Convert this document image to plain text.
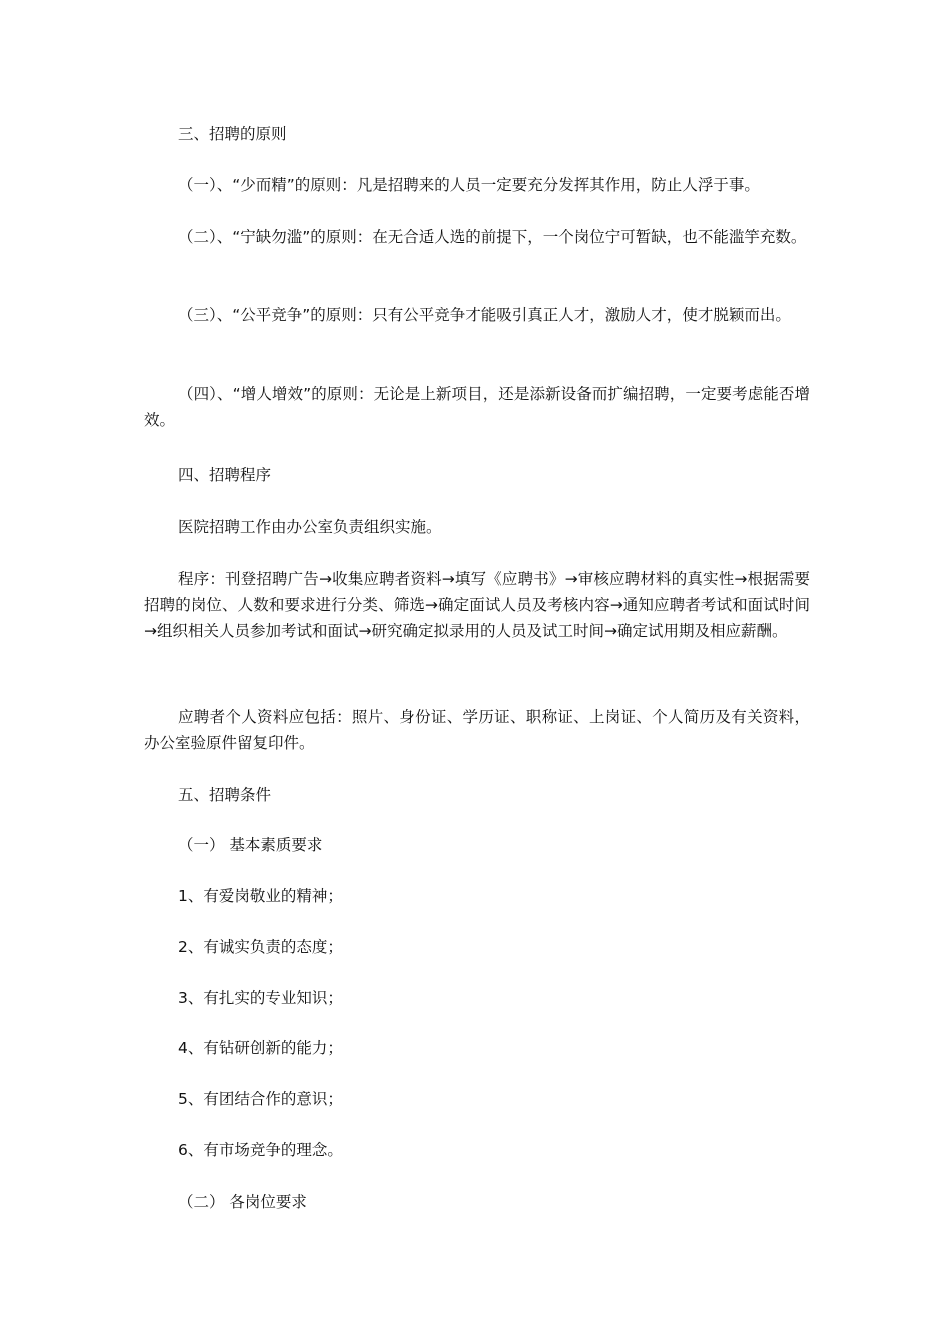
三、招聘的原则

（一）、“少而精”的原则：凡是招聘来的人员一定要充分发挥其作用，防止人浮于事。

（二）、“宁缺勿滥”的原则：在无合适人选的前提下，一个岗位宁可暂缺，也不能滥竽充数。

（三）、“公平竞争”的原则：只有公平竞争才能吸引真正人才，激励人才，使才脱颖而出。

（四）、“增人增效”的原则：无论是上新项目，还是添新设备而扩编招聘，一定要考虑能否增效。

四、招聘程序
医院招聘工作由办公室负责组织实施。

程序：刊登招聘广告→收集应聘者资料→填写《应聘书》→审核应聘材料的真实性→根据需要招聘的岗位、人数和要求进行分类、筛选→确定面试人员及考核内容→通知应聘者考试和面试时间→组织相关人员参加考试和面试→研究确定拟录用的人员及试工时间→确定试用期及相应薪酬。

应聘者个人资料应包括：照片、身份证、学历证、职称证、上岗证、个人简历及有关资料，办公室验原件留复印件。

五、招聘条件
（一） 基本素质要求
1、有爱岗敬业的精神；
2、有诚实负责的态度；
3、有扎实的专业知识；
4、有钻研创新的能力；
5、有团结合作的意识；
6、有市场竞争的理念。
（二） 各岗位要求
